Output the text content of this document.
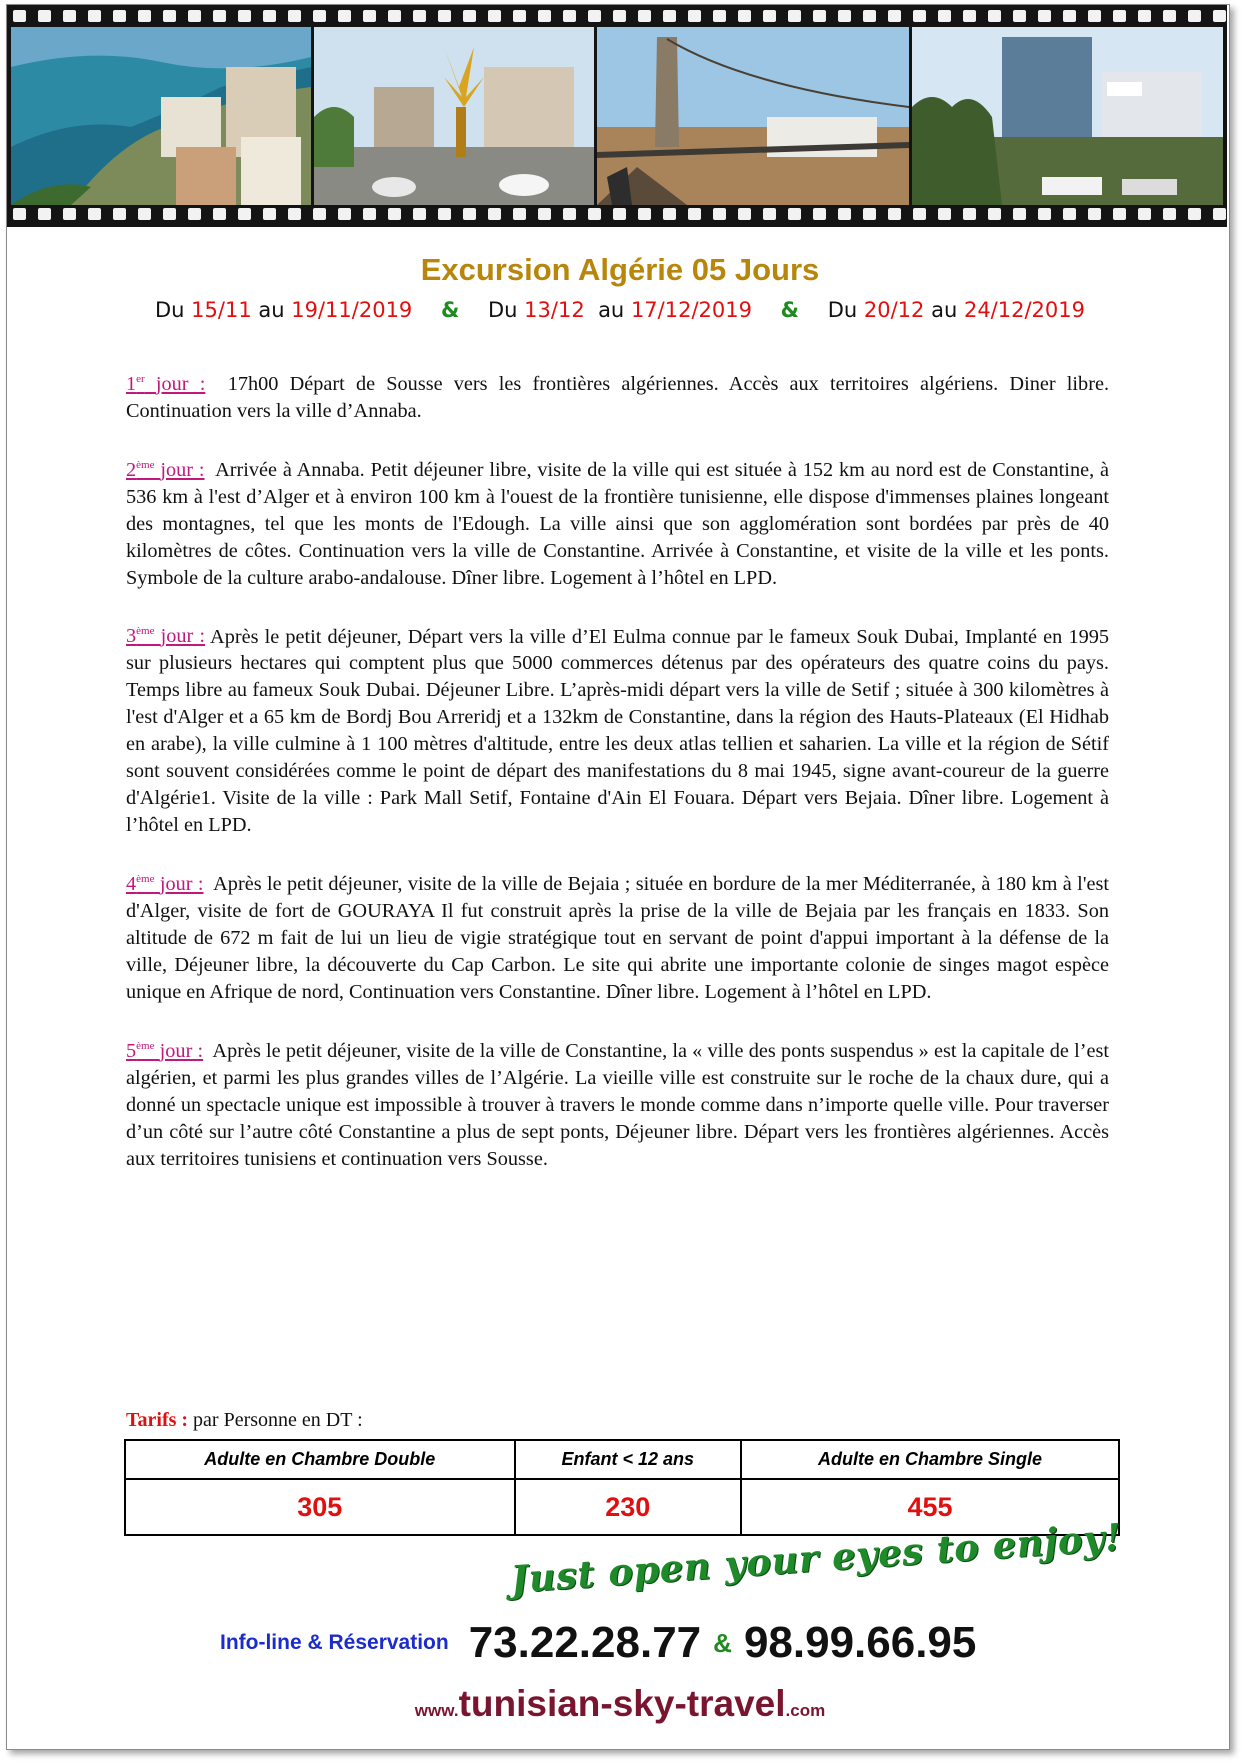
Excursion Algérie 05 Jours
Du 15/11 au 19/11/2019 & Du 13/12 au 17/12/2019 & Du 20/12 au 24/12/2019

1er jour : 17h00 Départ de Sousse vers les frontières algériennes. Accès aux territoires algériens. Diner libre. Continuation vers la ville d’Annaba.

2ème jour : Arrivée à Annaba. Petit déjeuner libre, visite de la ville qui est située à 152 km au nord est de Constantine, à 536 km à l'est d’Alger et à environ 100 km à l'ouest de la frontière tunisienne, elle dispose d'immenses plaines longeant des montagnes, tel que les monts de l'Edough. La ville ainsi que son agglomération sont bordées par près de 40 kilomètres de côtes. Continuation vers la ville de Constantine. Arrivée à Constantine, et visite de la ville et les ponts. Symbole de la culture arabo-andalouse. Dîner libre. Logement à l’hôtel en LPD.

3ème jour : Après le petit déjeuner, Départ vers la ville d’El Eulma connue par le fameux Souk Dubai, Implanté en 1995 sur plusieurs hectares qui comptent plus que 5000 commerces détenus par des opérateurs des quatre coins du pays. Temps libre au fameux Souk Dubai. Déjeuner Libre. L’après-midi départ vers la ville de Setif ; située à 300 kilomètres à l'est d'Alger et a 65 km de Bordj Bou Arreridj et a 132km de Constantine, dans la région des Hauts-Plateaux (El Hidhab en arabe), la ville culmine à 1 100 mètres d'altitude, entre les deux atlas tellien et saharien. La ville et la région de Sétif sont souvent considérées comme le point de départ des manifestations du 8 mai 1945, signe avant-coureur de la guerre d'Algérie1. Visite de la ville : Park Mall Setif, Fontaine d'Ain El Fouara. Départ vers Bejaia. Dîner libre. Logement à l’hôtel en LPD.

4ème jour : Après le petit déjeuner, visite de la ville de Bejaia ; située en bordure de la mer Méditerranée, à 180 km à l'est d'Alger, visite de fort de GOURAYA Il fut construit après la prise de la ville de Bejaia par les français en 1833. Son altitude de 672 m fait de lui un lieu de vigie stratégique tout en servant de point d'appui important à la défense de la ville, Déjeuner libre, la découverte du Cap Carbon. Le site qui abrite une importante colonie de singes magot espèce unique en Afrique de nord, Continuation vers Constantine. Dîner libre. Logement à l’hôtel en LPD.

5ème jour : Après le petit déjeuner, visite de la ville de Constantine, la « ville des ponts suspendus » est la capitale de l’est algérien, et parmi les plus grandes villes de l’Algérie. La vieille ville est construite sur le roche de la chaux dure, qui a donné un spectacle unique est impossible à trouver à travers le monde comme dans n’importe quelle ville. Pour traverser d’un côté sur l’autre côté Constantine a plus de sept ponts, Déjeuner libre. Départ vers les frontières algériennes. Accès aux territoires tunisiens et continuation vers Sousse.

Tarifs : par Personne en DT :
Adulte en Chambre Double	Enfant < 12 ans	Adulte en Chambre Single
305	230	455
Just open your eyes to enjoy!
Info-line & Réservation 73.22.28.77 & 98.99.66.95
www.tunisian-sky-travel.com
